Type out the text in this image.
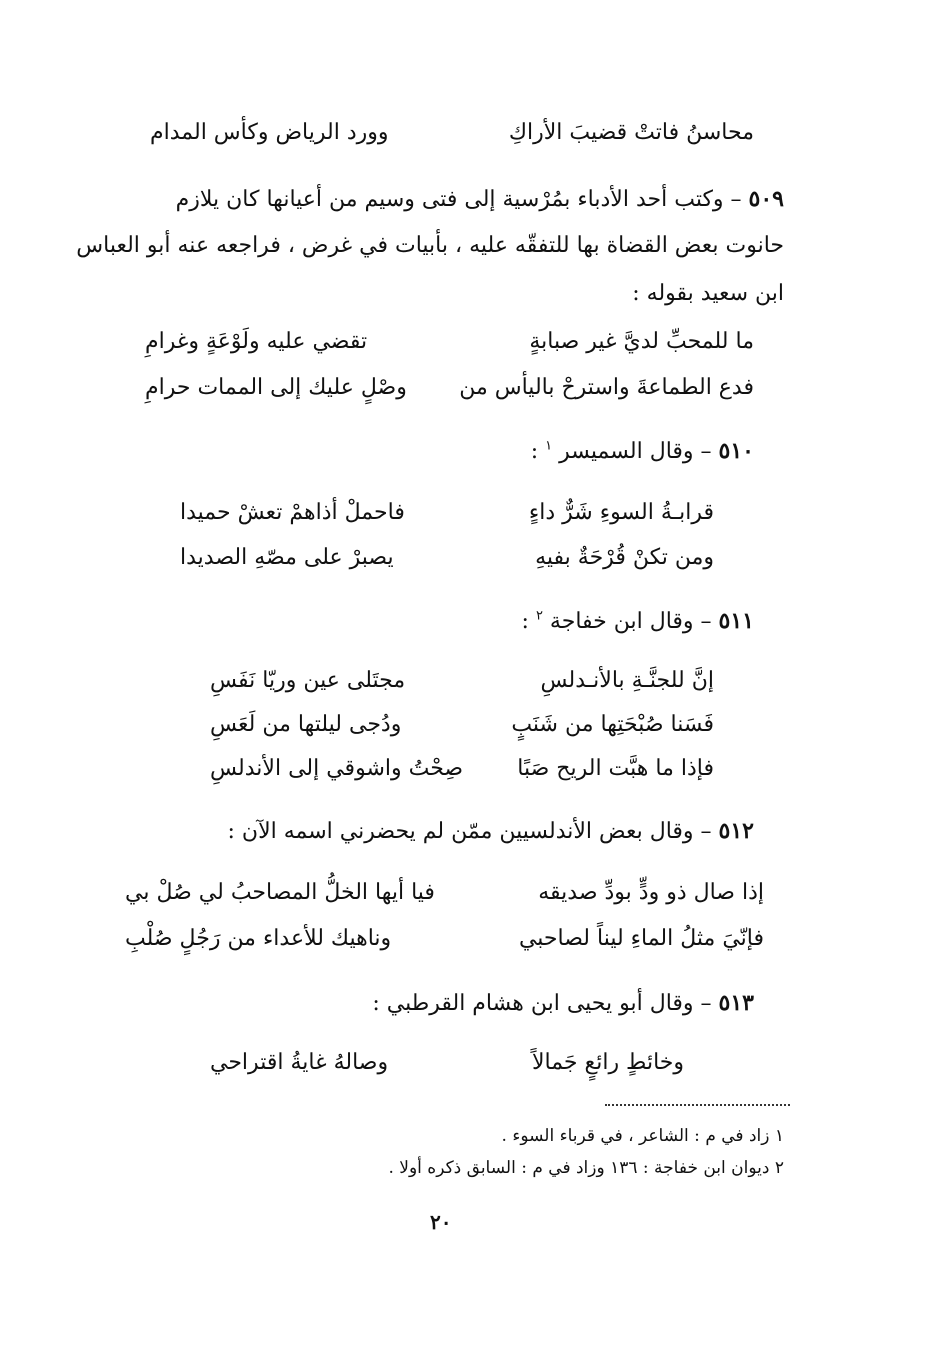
محاسنُ فاتتْ قضيبَ الأراكِ
وورد الرياض وكأس المدام
٥٠٩ – وكتب أحد الأدباء بمُرْسية إلى فتى وسيم من أعيانها كان يلازم
حانوت بعض القضاة بها للتفقّه عليه ، بأبيات في غرض ، فراجعه عنه أبو العباس
ابن سعيد بقوله :
ما للمحبِّ لديَّ غير صبابةٍ
تقضي عليه ولَوْعَةٍ وغرامِ
فدع الطماعةَ واسترحْ باليأس من
وصْلٍ عليك إلى الممات حرامِ
٥١٠ – وقال السميسر $^١$ :
قرابـةُ السوءِ شَرٌّ داءٍ
فاحملْ أذاهمْ تعشْ حميدا
ومن تكنْ قُرْحَةٌ بفيهِ
يصبرْ على مصّهِ الصديدا
٥١١ – وقال ابن خفاجة $^٢$ :
إنَّ للجنَّـةِ بالأنـدلسِ
مجتَلى عين وريّا نَفَسِ
فَسَنا صُبْحَتِها من شَنَبٍ
ودُجى ليلتها من لَعَسِ
فإذا ما هبَّت الريح صَبًا
صِحْتُ واشوقي إلى الأندلسِ
٥١٢ – وقال بعض الأندلسيين ممّن لم يحضرني اسمه الآن :
إذا صال ذو ودٍّ بودِّ صديقه
فيا أيها الخلُّ المصاحبُ لي صُلْ بي
فإنّيَ مثلُ الماءِ ليناً لصاحبي
وناهيك للأعداء من رَجُلٍ صُلْبِ
٥١٣ – وقال أبو يحيى ابن هشام القرطبي :
وخائطٍ رائعٍ جَمالاً
وصالهُ غايةُ اقتراحي
١ زاد في م : الشاعر ، في قرباء السوء .
٢ ديوان ابن خفاجة : ١٣٦ وزاد في م : السابق ذكره أولا .
٢٠
